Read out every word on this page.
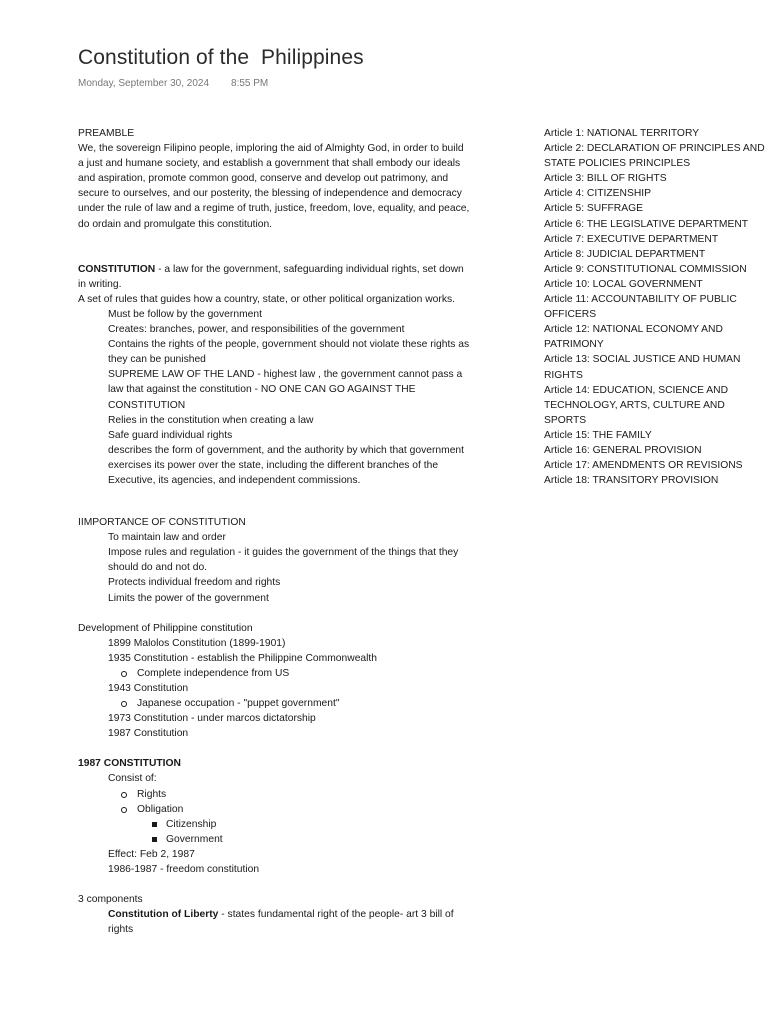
Constitution of the  Philippines
Monday, September 30, 2024 8:55 PM
PREAMBLE
We, the sovereign Filipino people, imploring the aid of Almighty God, in order to build a just and humane society, and establish a government that shall embody our ideals and aspiration, promote common good, conserve and develop out patrimony, and secure to ourselves, and our posterity, the blessing of independence and democracy under the rule of law and a regime of truth, justice, freedom, love, equality, and peace, do ordain and promulgate this constitution.
CONSTITUTION - a law for the government, safeguarding individual rights, set down in writing.
A set of rules that guides how a country, state, or other political organization works.
Must be follow by the government
Creates: branches, power, and responsibilities of the government
Contains the rights of the people, government should not violate these rights as they can be punished
SUPREME LAW OF THE LAND - highest law , the government cannot pass a law that against the constitution - NO ONE CAN GO AGAINST THE CONSTITUTION
Relies in the constitution when creating a law
Safe guard individual rights
describes the form of government, and the authority by which that government exercises its power over the state, including the different branches of the Executive, its agencies, and independent commissions.
IIMPORTANCE OF CONSTITUTION
To maintain law and order
Impose rules and regulation - it guides the government of the things that they should do and not do.
Protects individual freedom and rights
Limits the power of the government
Development of Philippine constitution
1899 Malolos Constitution (1899-1901)
1935 Constitution - establish the Philippine Commonwealth
Complete independence from US
1943 Constitution
Japanese occupation - "puppet government"
1973 Constitution - under marcos dictatorship
1987 Constitution
1987 CONSTITUTION
Consist of:
Rights
Obligation
Citizenship
Government
Effect: Feb 2, 1987
1986-1987 - freedom constitution
3 components
Constitution of Liberty - states fundamental right of the people- art 3 bill of rights
Article 1: NATIONAL TERRITORY
Article 2: DECLARATION OF PRINCIPLES AND STATE POLICIES PRINCIPLES
Article 3: BILL OF RIGHTS
Article 4: CITIZENSHIP
Article 5: SUFFRAGE
Article 6: THE LEGISLATIVE DEPARTMENT
Article 7: EXECUTIVE DEPARTMENT
Article 8: JUDICIAL DEPARTMENT
Article 9: CONSTITUTIONAL COMMISSION
Article 10: LOCAL GOVERNMENT
Article 11: ACCOUNTABILITY OF PUBLIC OFFICERS
Article 12: NATIONAL ECONOMY AND PATRIMONY
Article 13: SOCIAL JUSTICE AND HUMAN RIGHTS
Article 14: EDUCATION, SCIENCE AND TECHNOLOGY, ARTS, CULTURE AND SPORTS
Article 15: THE FAMILY
Article 16: GENERAL PROVISION
Article 17: AMENDMENTS OR REVISIONS
Article 18: TRANSITORY PROVISION
